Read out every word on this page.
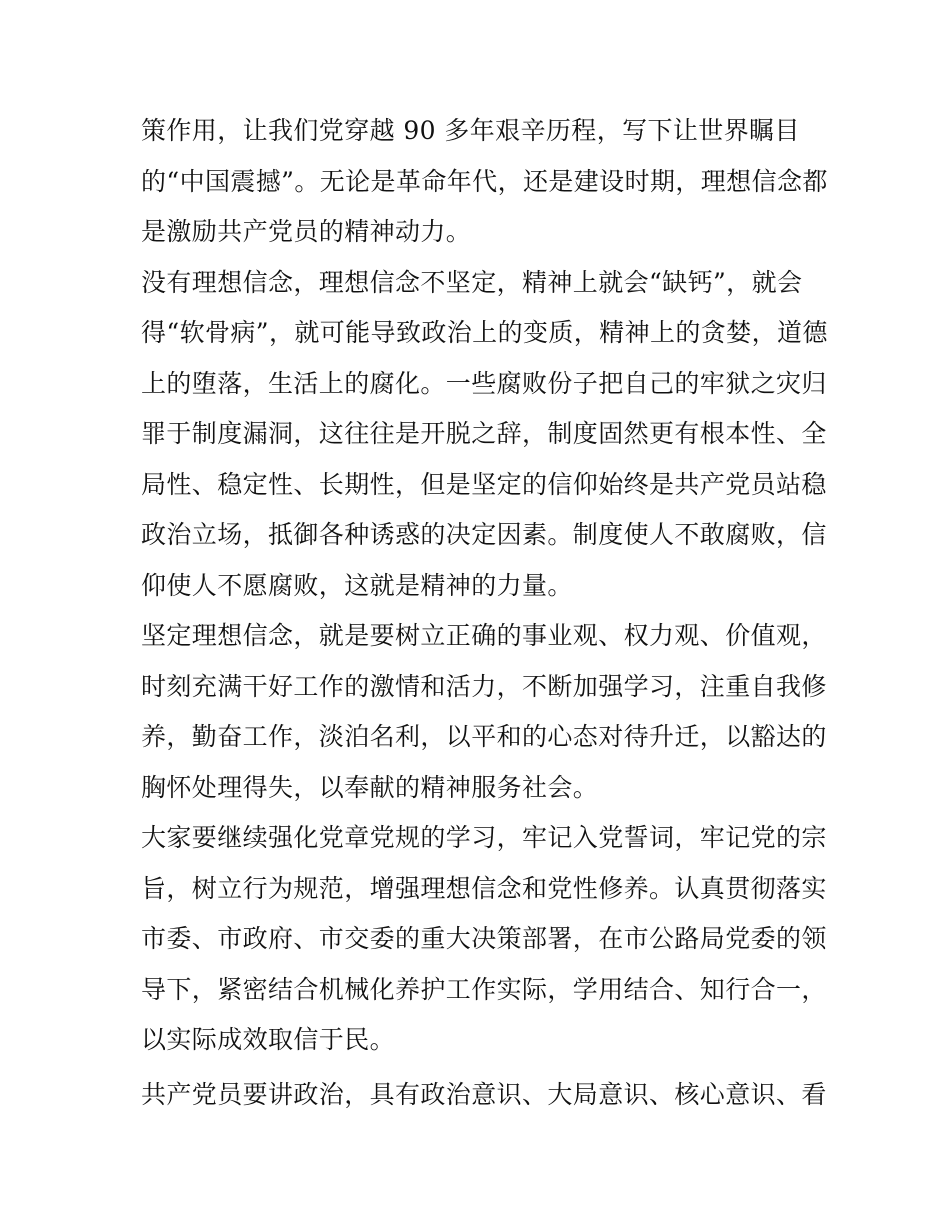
策作用，让我们党穿越 90 多年艰辛历程，写下让世界瞩目
的“中国震撼”。无论是革命年代，还是建设时期，理想信念都
是激励共产党员的精神动力。

没有理想信念，理想信念不坚定，精神上就会“缺钙”，就会
得“软骨病”，就可能导致政治上的变质，精神上的贪婪，道德
上的堕落，生活上的腐化。一些腐败份子把自己的牢狱之灾归
罪于制度漏洞，这往往是开脱之辞，制度固然更有根本性、全
局性、稳定性、长期性，但是坚定的信仰始终是共产党员站稳
政治立场，抵御各种诱惑的决定因素。制度使人不敢腐败，信
仰使人不愿腐败，这就是精神的力量。

坚定理想信念，就是要树立正确的事业观、权力观、价值观，
时刻充满干好工作的激情和活力，不断加强学习，注重自我修
养，勤奋工作，淡泊名利，以平和的心态对待升迁，以豁达的
胸怀处理得失，以奉献的精神服务社会。

大家要继续强化党章党规的学习，牢记入党誓词，牢记党的宗
旨，树立行为规范，增强理想信念和党性修养。认真贯彻落实
市委、市政府、市交委的重大决策部署，在市公路局党委的领
导下，紧密结合机械化养护工作实际，学用结合、知行合一，
以实际成效取信于民。

共产党员要讲政治，具有政治意识、大局意识、核心意识、看
